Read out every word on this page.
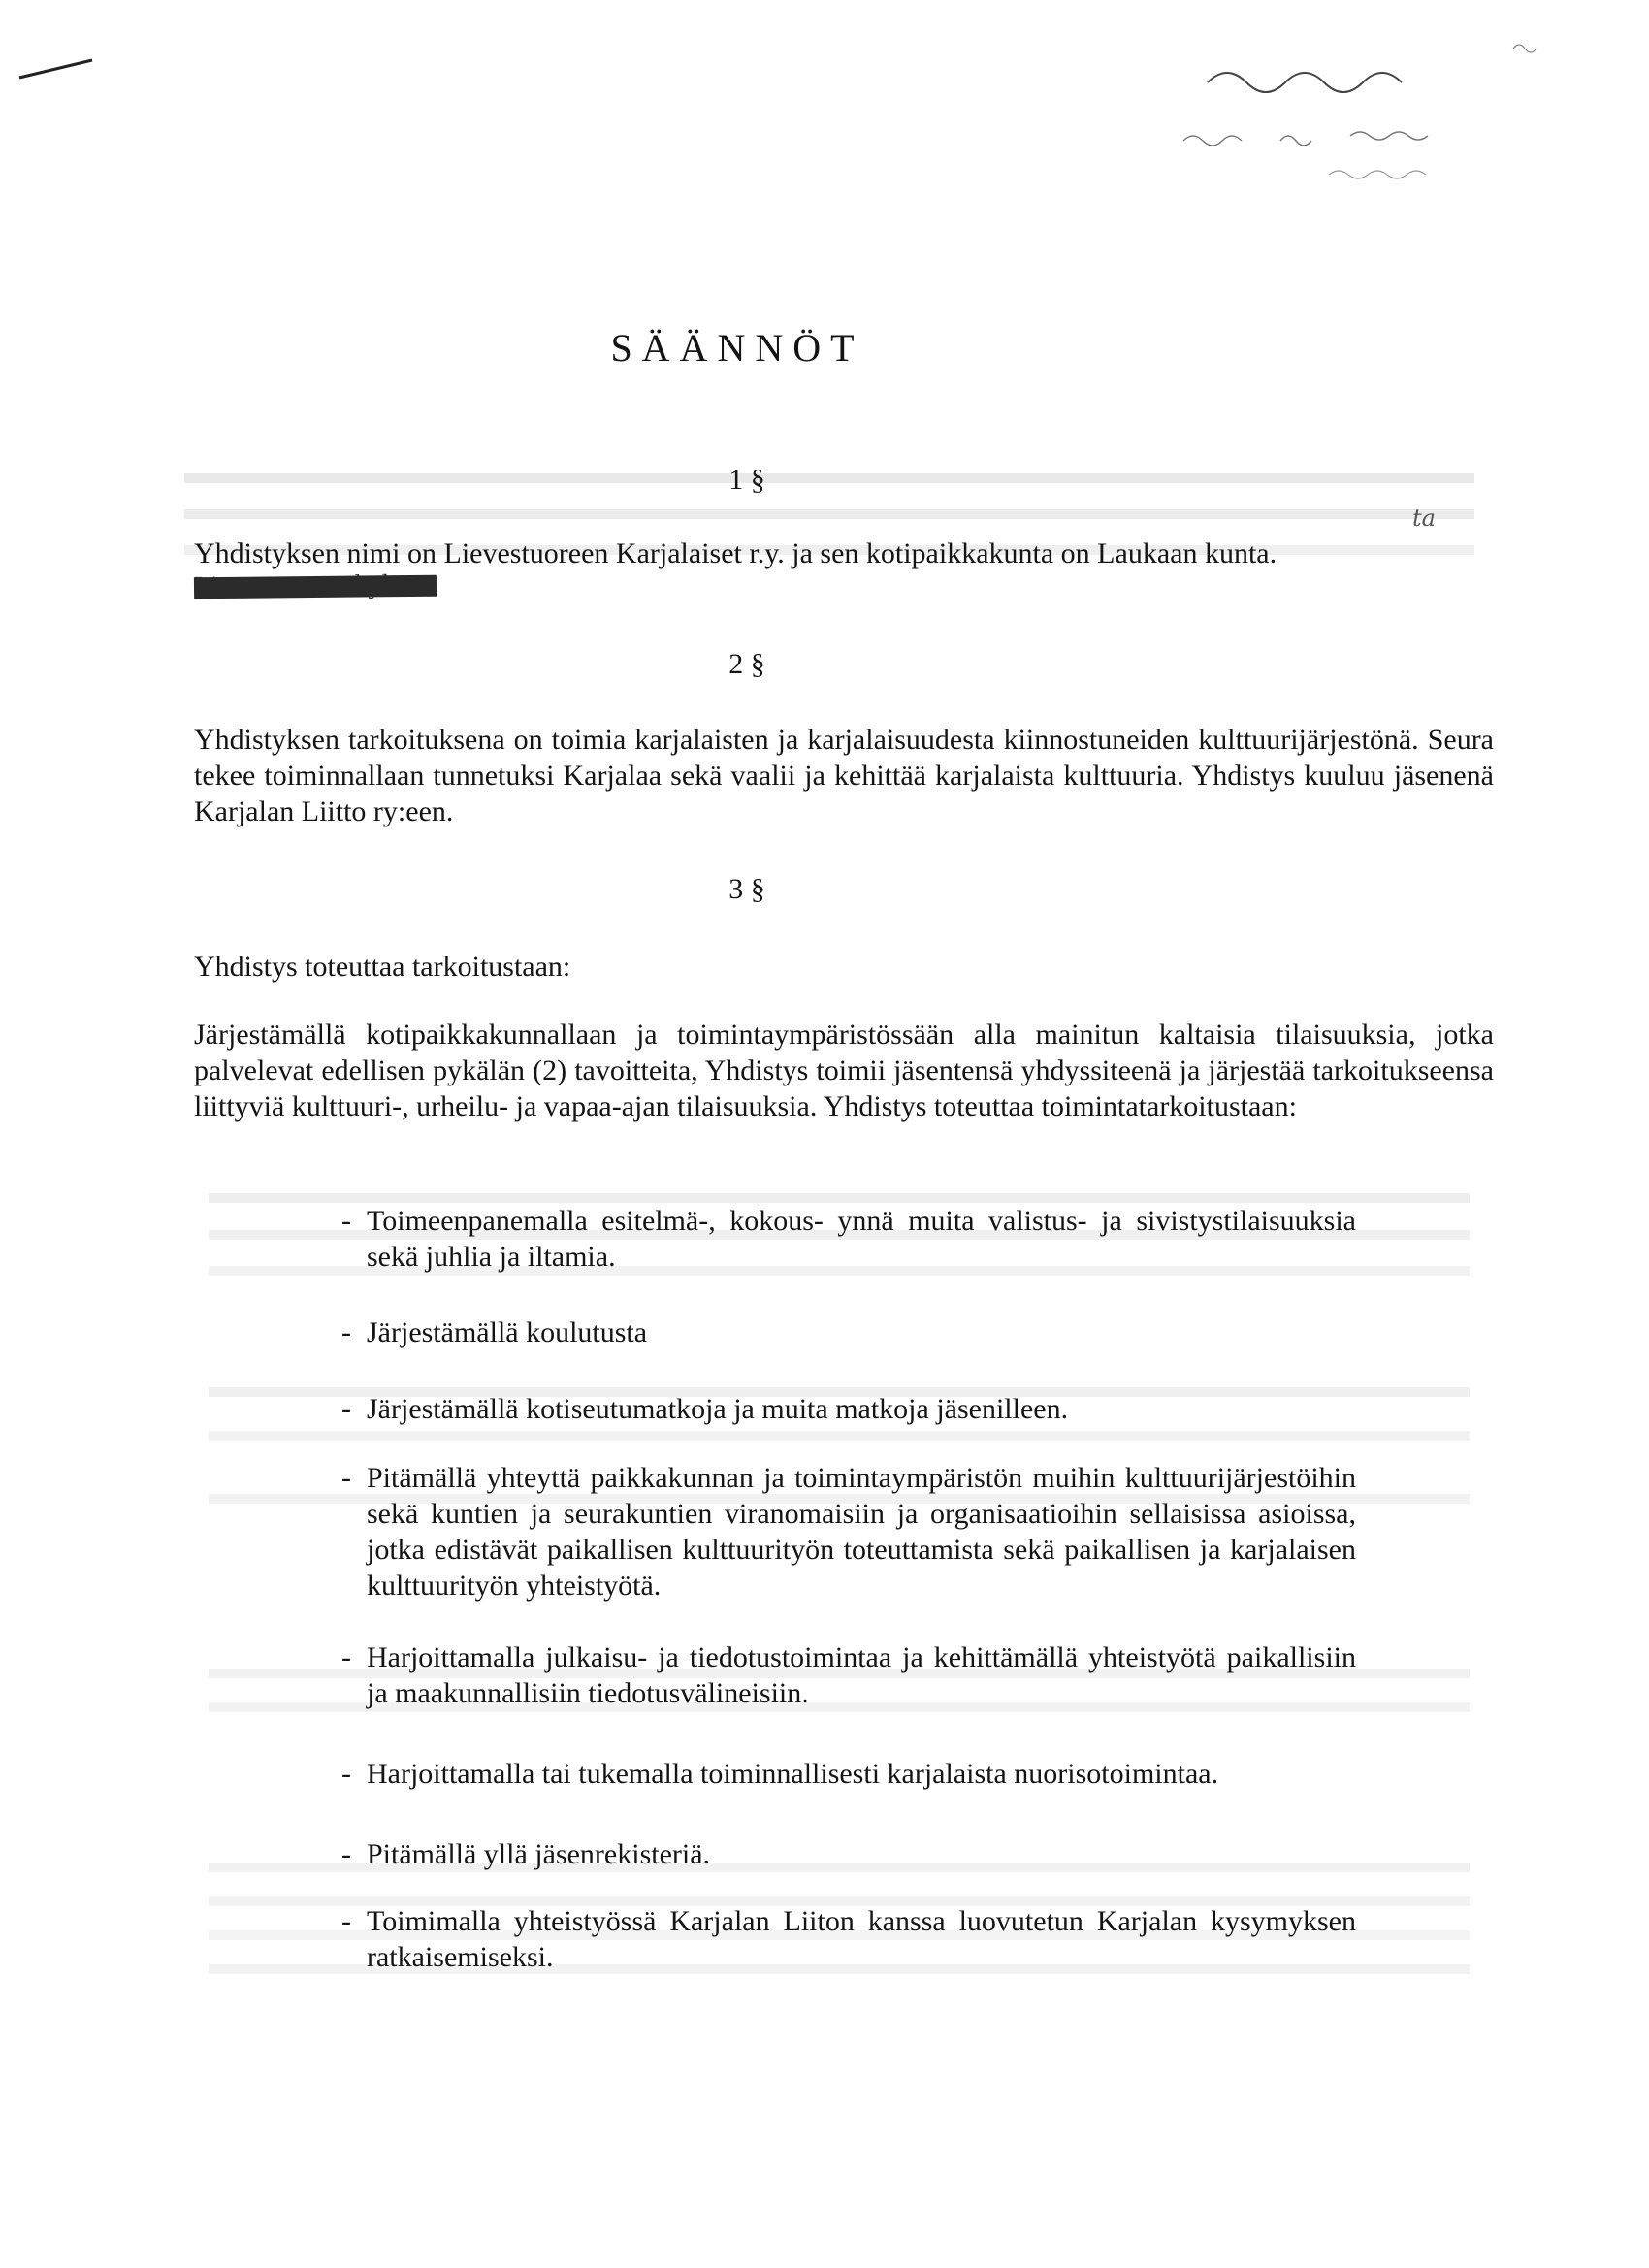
SÄÄNNÖT
1 §
Yhdistyksen nimi on Lievestuoreen Karjalaiset r.y. ja sen kotipaikkakunta on Laukaan kunta.
ta
Lievestuoreen kylä
2 §
Yhdistyksen tarkoituksena on toimia karjalaisten ja karjalaisuudesta kiinnostuneiden kulttuurijärjestönä. Seura tekee toiminnallaan tunnetuksi Karjalaa sekä vaalii ja kehittää karjalaista kulttuuria. Yhdistys kuuluu jäsenenä Karjalan Liitto ry:een.
3 §
Yhdistys toteuttaa tarkoitustaan:
Järjestämällä kotipaikkakunnallaan ja toimintaympäristössään alla mainitun kaltaisia tilaisuuksia, jotka palvelevat edellisen pykälän (2) tavoitteita, Yhdistys toimii jäsentensä yhdyssiteenä ja järjestää tarkoitukseensa liittyviä kulttuuri-, urheilu- ja vapaa-ajan tilaisuuksia. Yhdistys toteuttaa toimintatarkoitustaan:
- Toimeenpanemalla esitelmä-, kokous- ynnä muita valistus- ja sivistystilaisuuksia sekä juhlia ja iltamia.
- Järjestämällä koulutusta
- Järjestämällä kotiseutumatkoja ja muita matkoja jäsenilleen.
- Pitämällä yhteyttä paikkakunnan ja toimintaympäristön muihin kulttuurijärjestöihin sekä kuntien ja seurakuntien viranomaisiin ja organisaatioihin sellaisissa asioissa, jotka edistävät paikallisen kulttuurityön toteuttamista sekä paikallisen ja karjalaisen kulttuurityön yhteistyötä.
- Harjoittamalla julkaisu- ja tiedotustoimintaa ja kehittämällä yhteistyötä paikallisiin ja maakunnallisiin tiedotusvälineisiin.
- Harjoittamalla tai tukemalla toiminnallisesti karjalaista nuorisotoimintaa.
- Pitämällä yllä jäsenrekisteriä.
- Toimimalla yhteistyössä Karjalan Liiton kanssa luovutetun Karjalan kysymyksen ratkaisemiseksi.
